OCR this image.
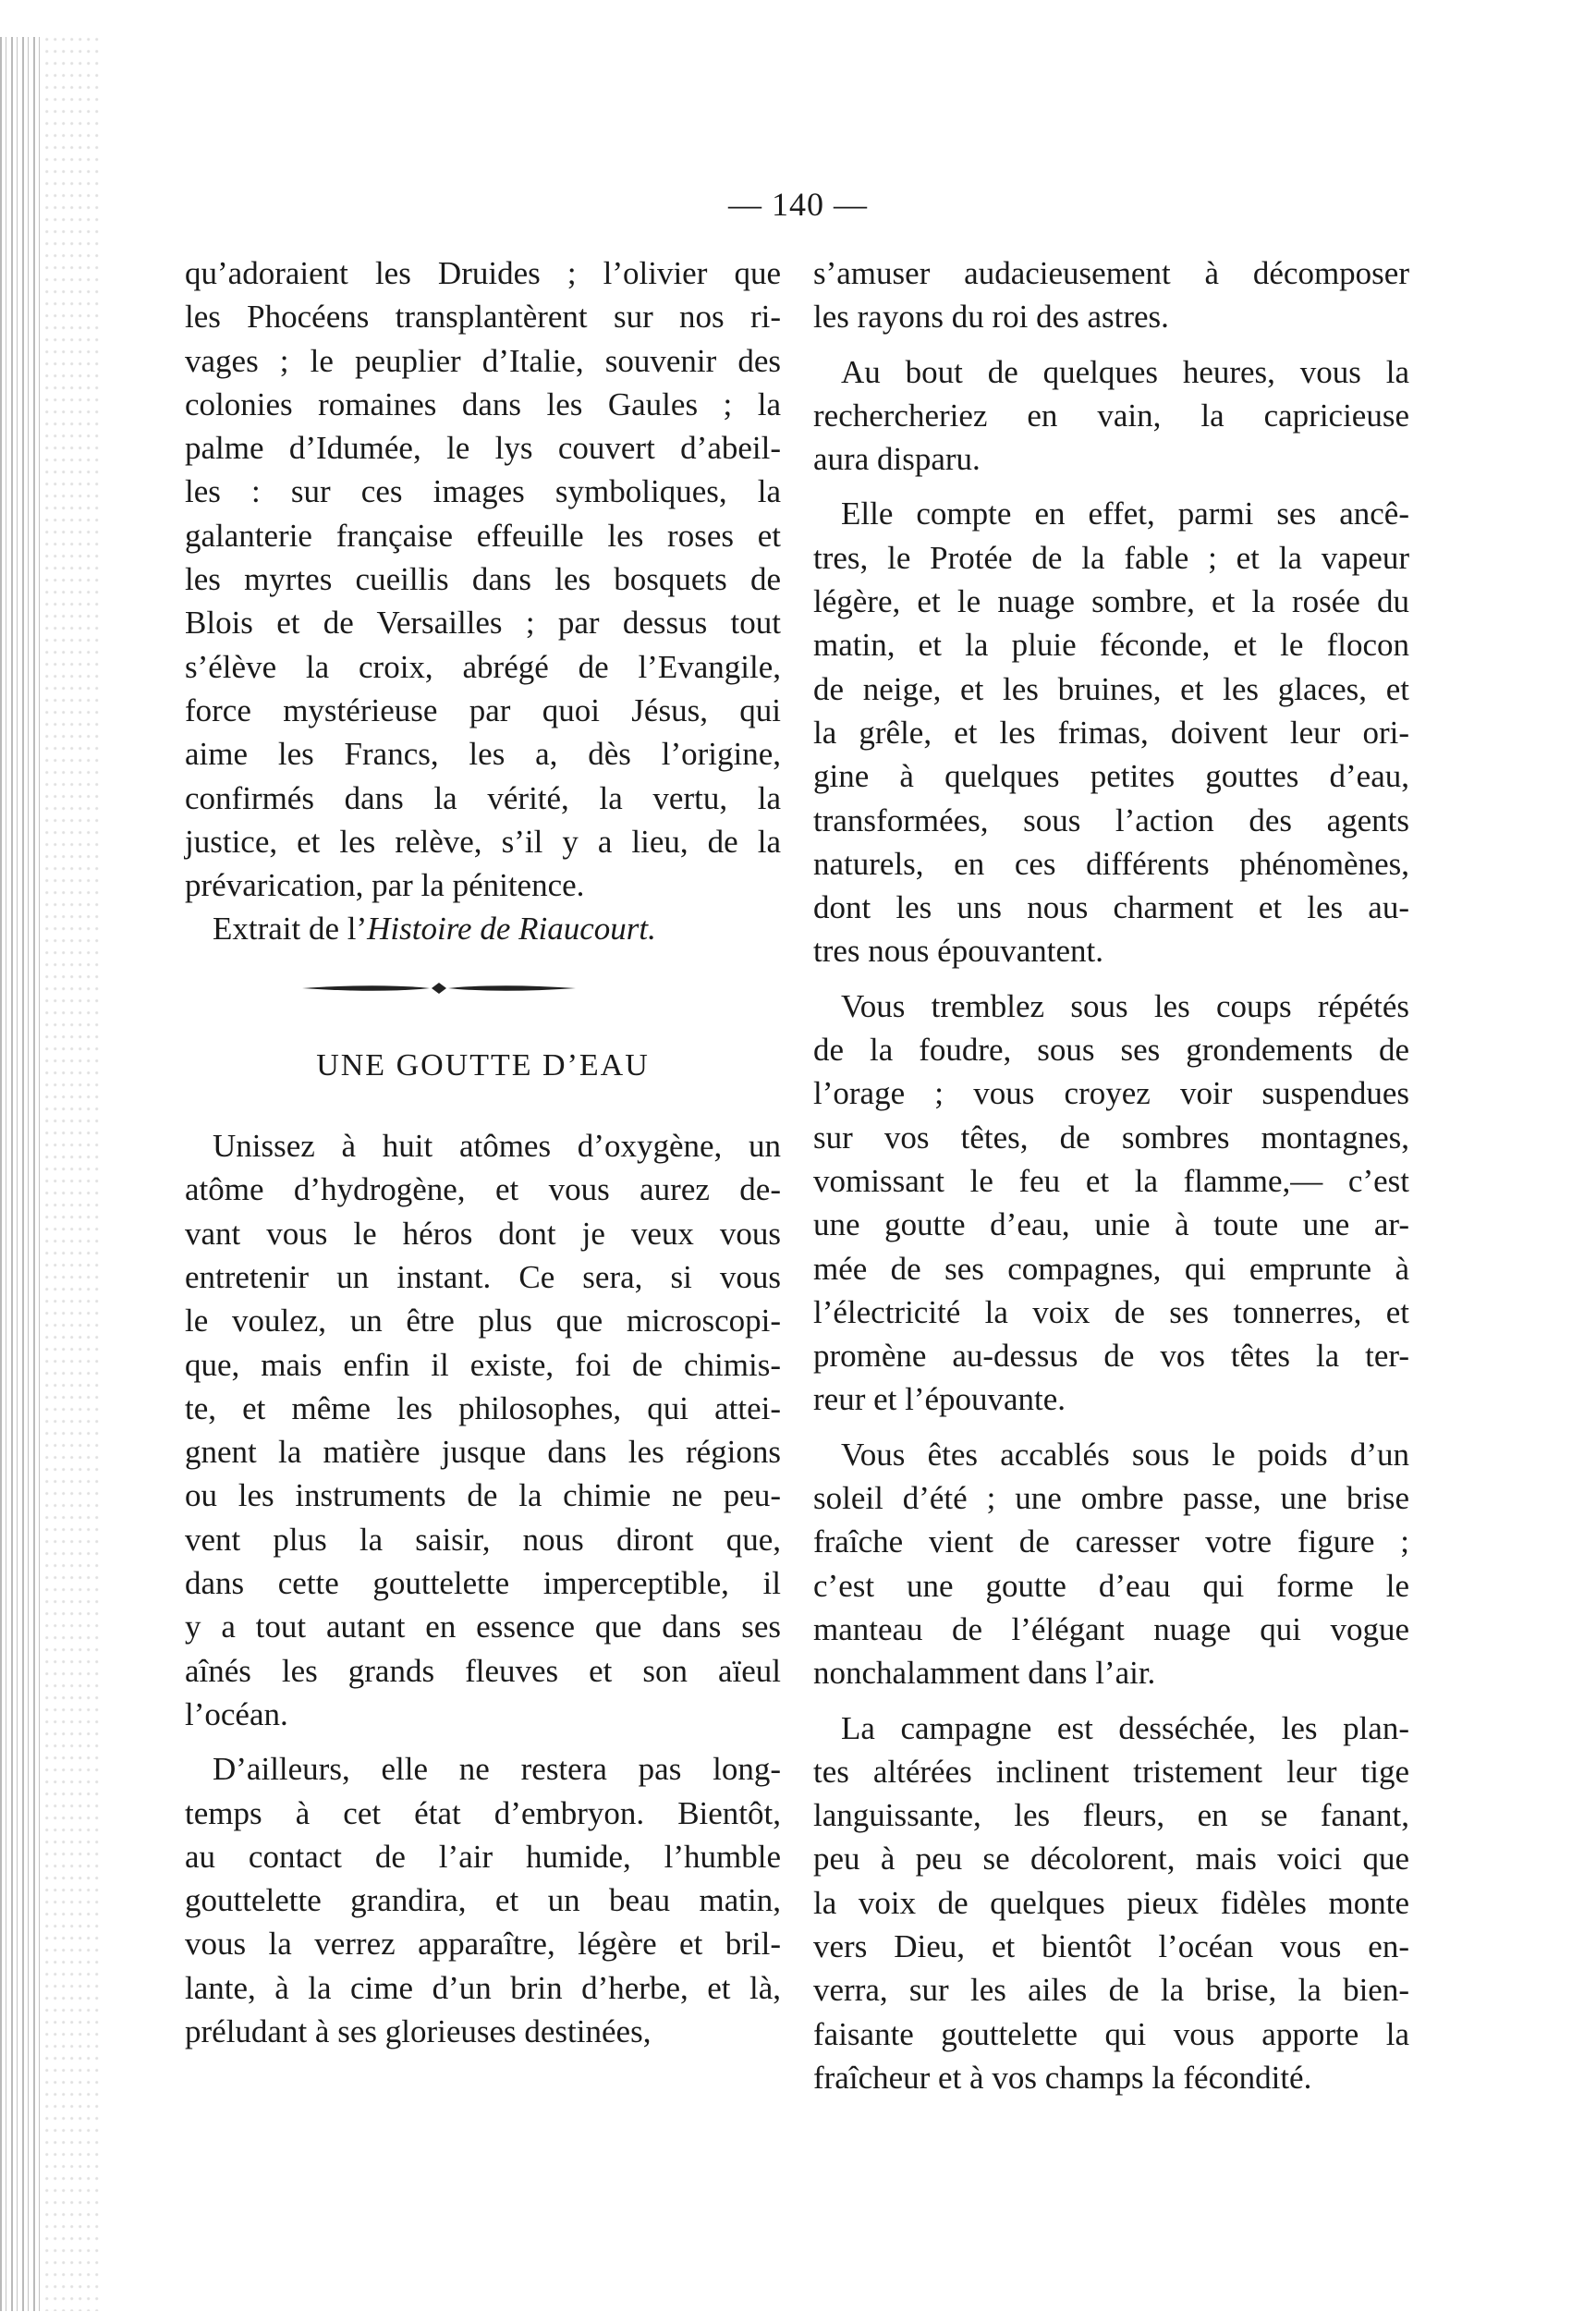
— 140 —
qu’adoraient les Druides ; l’olivier que
les Phocéens transplantèrent sur nos ri-
vages ; le peuplier d’Italie, souvenir des
colonies romaines dans les Gaules ; la
palme d’Idumée, le lys couvert d’abeil-
les : sur ces images symboliques, la
galanterie française effeuille les roses et
les myrtes cueillis dans les bosquets de
Blois et de Versailles ; par dessus tout
s’élève la croix, abrégé de l’Evangile,
force mystérieuse par quoi Jésus, qui
aime les Francs, les a, dès l’origine,
confirmés dans la vérité, la vertu, la
justice, et les relève, s’il y a lieu, de la
prévarication, par la pénitence.
Extrait de l’Histoire de Riaucourt.
UNE GOUTTE D’EAU
Unissez à huit atômes d’oxygène, un
atôme d’hydrogène, et vous aurez de-
vant vous le héros dont je veux vous
entretenir un instant. Ce sera, si vous
le voulez, un être plus que microscopi-
que, mais enfin il existe, foi de chimis-
te, et même les philosophes, qui attei-
gnent la matière jusque dans les régions
ou les instruments de la chimie ne peu-
vent plus la saisir, nous diront que,
dans cette gouttelette imperceptible, il
y a tout autant en essence que dans ses
aînés les grands fleuves et son aïeul
l’océan.
D’ailleurs, elle ne restera pas long-
temps à cet état d’embryon. Bientôt,
au contact de l’air humide, l’humble
gouttelette grandira, et un beau matin,
vous la verrez apparaître, légère et bril-
lante, à la cime d’un brin d’herbe, et là,
préludant à ses glorieuses destinées,
s’amuser audacieusement à décomposer
les rayons du roi des astres.
Au bout de quelques heures, vous la
rechercheriez en vain, la capricieuse
aura disparu.
Elle compte en effet, parmi ses ancê-
tres, le Protée de la fable ; et la vapeur
légère, et le nuage sombre, et la rosée du
matin, et la pluie féconde, et le flocon
de neige, et les bruines, et les glaces, et
la grêle, et les frimas, doivent leur ori-
gine à quelques petites gouttes d’eau,
transformées, sous l’action des agents
naturels, en ces différents phénomènes,
dont les uns nous charment et les au-
tres nous épouvantent.
Vous tremblez sous les coups répétés
de la foudre, sous ses grondements de
l’orage ; vous croyez voir suspendues
sur vos têtes, de sombres montagnes,
vomissant le feu et la flamme,— c’est
une goutte d’eau, unie à toute une ar-
mée de ses compagnes, qui emprunte à
l’électricité la voix de ses tonnerres, et
promène au-dessus de vos têtes la ter-
reur et l’épouvante.
Vous êtes accablés sous le poids d’un
soleil d’été ; une ombre passe, une brise
fraîche vient de caresser votre figure ;
c’est une goutte d’eau qui forme le
manteau de l’élégant nuage qui vogue
nonchalamment dans l’air.
La campagne est desséchée, les plan-
tes altérées inclinent tristement leur tige
languissante, les fleurs, en se fanant,
peu à peu se décolorent, mais voici que
la voix de quelques pieux fidèles monte
vers Dieu, et bientôt l’océan vous en-
verra, sur les ailes de la brise, la bien-
faisante gouttelette qui vous apporte la
fraîcheur et à vos champs la fécondité.
